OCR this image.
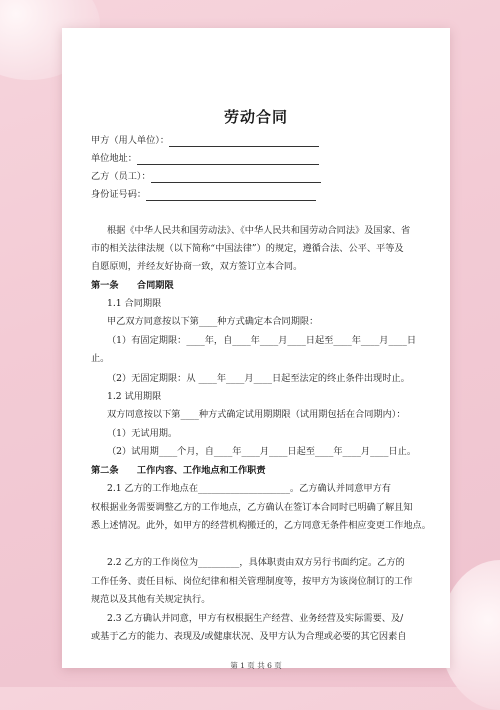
劳动合同
甲方（用人单位）：
单位地址：
乙方（员工）：
身份证号码：
根据《中华人民共和国劳动法》、《中华人民共和国劳动合同法》及国家、省
市的相关法律法规（以下简称“中国法律”）的规定，遵循合法、公平、平等及
自愿原则，并经友好协商一致，双方签订立本合同。
第一条　　合同期限
1.1 合同期限
甲乙双方同意按以下第____种方式确定本合同期限：
（1）有固定期限：____年，自____年____月____日起至____年____月____日
止。
（2）无固定期限：从 ____年____月____日起至法定的终止条件出现时止。
1.2 试用期限
双方同意按以下第____种方式确定试用期期限（试用期包括在合同期内）：
（1）无试用期。
（2）试用期____个月，自____年____月____日起至____年____月____日止。
第二条　　工作内容、工作地点和工作职责
2.1 乙方的工作地点在____________________。乙方确认并同意甲方有
权根据业务需要调整乙方的工作地点，乙方确认在签订本合同时已明确了解且知
悉上述情况。此外，如甲方的经营机构搬迁的，乙方同意无条件相应变更工作地点。
2.2 乙方的工作岗位为_________，具体职责由双方另行书面约定。乙方的
工作任务、责任目标、岗位纪律和相关管理制度等，按甲方为该岗位制订的工作
规范以及其他有关规定执行。
2.3 乙方确认并同意，甲方有权根据生产经营、业务经营及实际需要、及/
或基于乙方的能力、表现及/或健康状况、及甲方认为合理或必要的其它因素自
第 1 页 共 6 页
